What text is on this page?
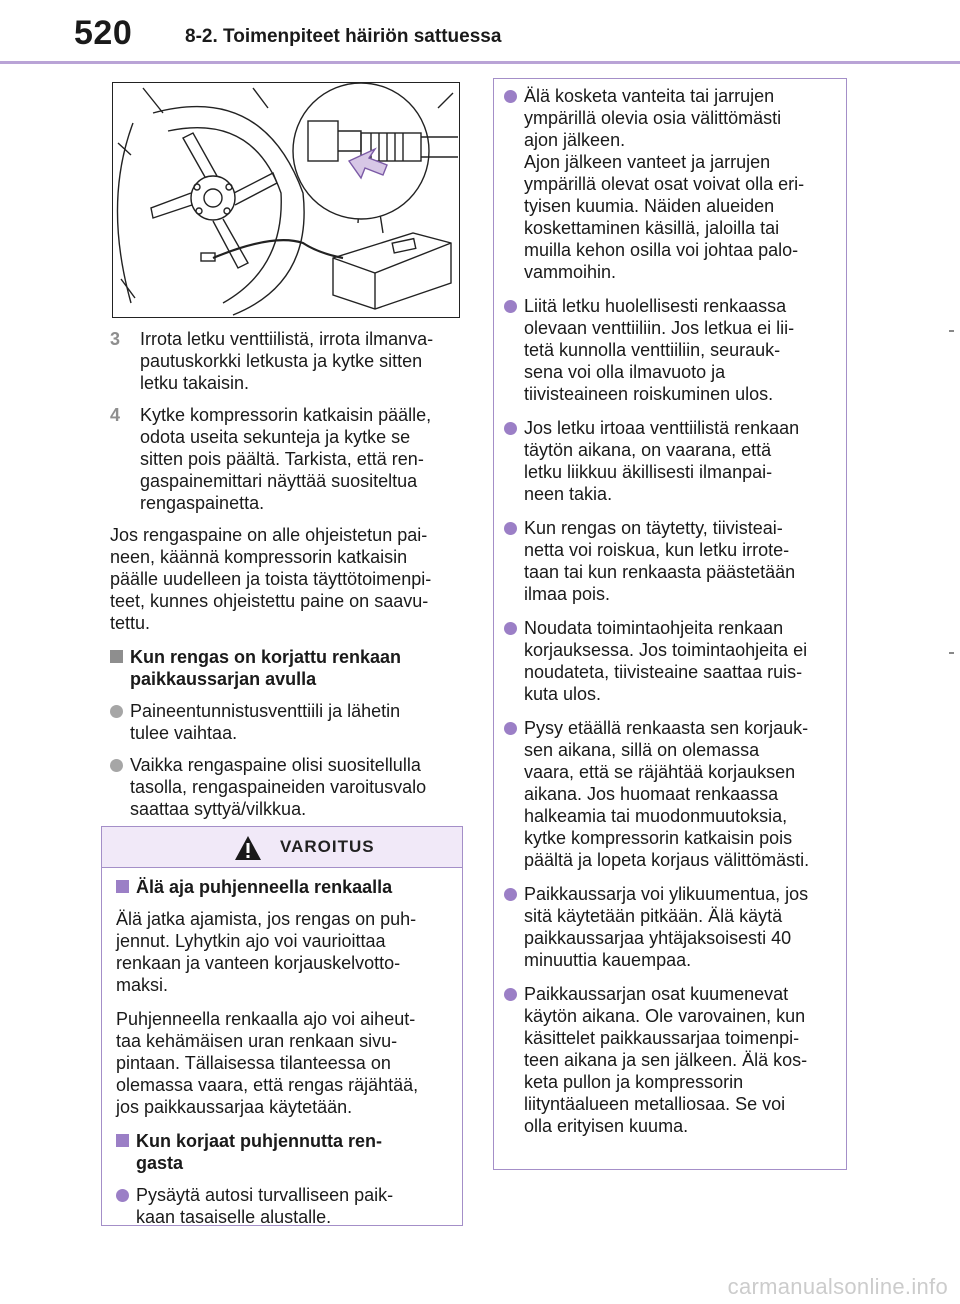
520	8-2. Toimenpiteet häiriön sattuessa
3 Irrota letku venttiilistä, irrota ilmanva-
pautuskorkki letkusta ja kytke sitten
letku takaisin.
4 Kytke kompressorin katkaisin päälle,
odota useita sekunteja ja kytke se
sitten pois päältä. Tarkista, että ren-
gaspainemittari näyttää suositeltua
rengaspainetta.

Jos rengaspaine on alle ohjeistetun pai-
neen, käännä kompressorin katkaisin
päälle uudelleen ja toista täyttötoimenpi-
teet, kunnes ohjeistettu paine on saavu-
tettu.

Kun rengas on korjattu renkaan
paikkaussarjan avulla
Paineentunnistusventtiili ja lähetin
tulee vaihtaa.
Vaikka rengaspaine olisi suositellulla
tasolla, rengaspaineiden varoitusvalo
saattaa syttyä/vilkkua.
VAROITUS
Älä aja puhjenneella renkaalla

Älä jatka ajamista, jos rengas on puh-
jennut. Lyhytkin ajo voi vaurioittaa
renkaan ja vanteen korjauskelvotto-
maksi.

Puhjenneella renkaalla ajo voi aiheut-
taa kehämäisen uran renkaan sivu-
pintaan. Tällaisessa tilanteessa on
olemassa vaara, että rengas räjähtää,
jos paikkaussarjaa käytetään.

Kun korjaat puhjennutta ren-
gasta
Pysäytä autosi turvalliseen paik-
kaan tasaiselle alustalle.
Älä kosketa vanteita tai jarrujen
ympärillä olevia osia välittömästi
ajon jälkeen.
Ajon jälkeen vanteet ja jarrujen
ympärillä olevat osat voivat olla eri-
tyisen kuumia. Näiden alueiden
koskettaminen käsillä, jaloilla tai
muilla kehon osilla voi johtaa palo-
vammoihin.
Liitä letku huolellisesti renkaassa
olevaan venttiiliin. Jos letkua ei lii-
tetä kunnolla venttiiliin, seurauk-
sena voi olla ilmavuoto ja
tiivisteaineen roiskuminen ulos.
Jos letku irtoaa venttiilistä renkaan
täytön aikana, on vaarana, että
letku liikkuu äkillisesti ilmanpai-
neen takia.
Kun rengas on täytetty, tiivisteai-
netta voi roiskua, kun letku irrote-
taan tai kun renkaasta päästetään
ilmaa pois.
Noudata toimintaohjeita renkaan
korjauksessa. Jos toimintaohjeita ei
noudateta, tiivisteaine saattaa ruis-
kuta ulos.
Pysy etäällä renkaasta sen korjauk-
sen aikana, sillä on olemassa
vaara, että se räjähtää korjauksen
aikana. Jos huomaat renkaassa
halkeamia tai muodonmuutoksia,
kytke kompressorin katkaisin pois
päältä ja lopeta korjaus välittömästi.
Paikkaussarja voi ylikuumentua, jos
sitä käytetään pitkään. Älä käytä
paikkaussarjaa yhtäjaksoisesti 40
minuuttia kauempaa.
Paikkaussarjan osat kuumenevat
käytön aikana. Ole varovainen, kun
käsittelet paikkaussarjaa toimenpi-
teen aikana ja sen jälkeen. Älä kos-
keta pullon ja kompressorin
liityntäalueen metalliosaa. Se voi
olla erityisen kuuma.
carmanualsonline.info
